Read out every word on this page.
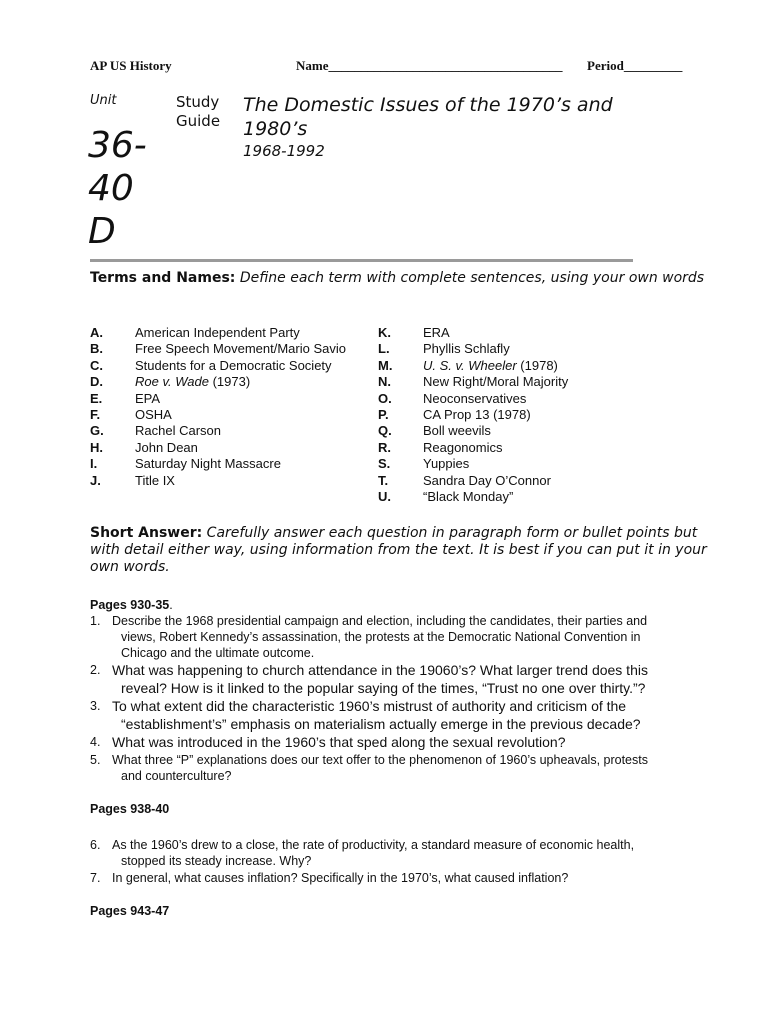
AP US History	Name____________________________________ Period_________
Unit
36-
40
D
Study
Guide
The Domestic Issues of the 1970’s and 1980’s
1968-1992
Terms and Names: Define each term with complete sentences, using your own words
A. American Independent Party
B. Free Speech Movement/Mario Savio
C. Students for a Democratic Society
D. Roe v. Wade (1973)
E.	EPA
F.	OSHA
G. Rachel Carson
H. John Dean
I.	Saturday Night Massacre
J.	Title IX
K. ERA
L.	Phyllis Schlafly
M. U. S. v. Wheeler (1978)
N. New Right/Moral Majority
O. Neoconservatives
P.	CA Prop 13 (1978)
Q. Boll weevils
R. Reagonomics
S.	Yuppies
T.	Sandra Day O’Connor
U. “Black Monday”
Short Answer: Carefully answer each question in paragraph form or bullet points but with detail either way, using information from the text. It is best if you can put it in your own words.
Pages 930-35.
1. Describe the 1968 presidential campaign and election, including the candidates, their parties and
views, Robert Kennedy’s assassination, the protests at the Democratic National Convention in
Chicago and the ultimate outcome.
2. What was happening to church attendance in the 19060’s? What larger trend does this
reveal? How is it linked to the popular saying of the times, “Trust no one over thirty.”?
3. To what extent did the characteristic 1960’s mistrust of authority and criticism of the
“establishment’s” emphasis on materialism actually emerge in the previous decade?
4. What was introduced in the 1960’s that sped along the sexual revolution?
5. What three “P” explanations does our text offer to the phenomenon of 1960’s upheavals, protests
and counterculture?
Pages 938-40
6. As the 1960’s drew to a close, the rate of productivity, a standard measure of economic health,
stopped its steady increase. Why?
7. In general, what causes inflation? Specifically in the 1970’s, what caused inflation?
Pages 943-47
